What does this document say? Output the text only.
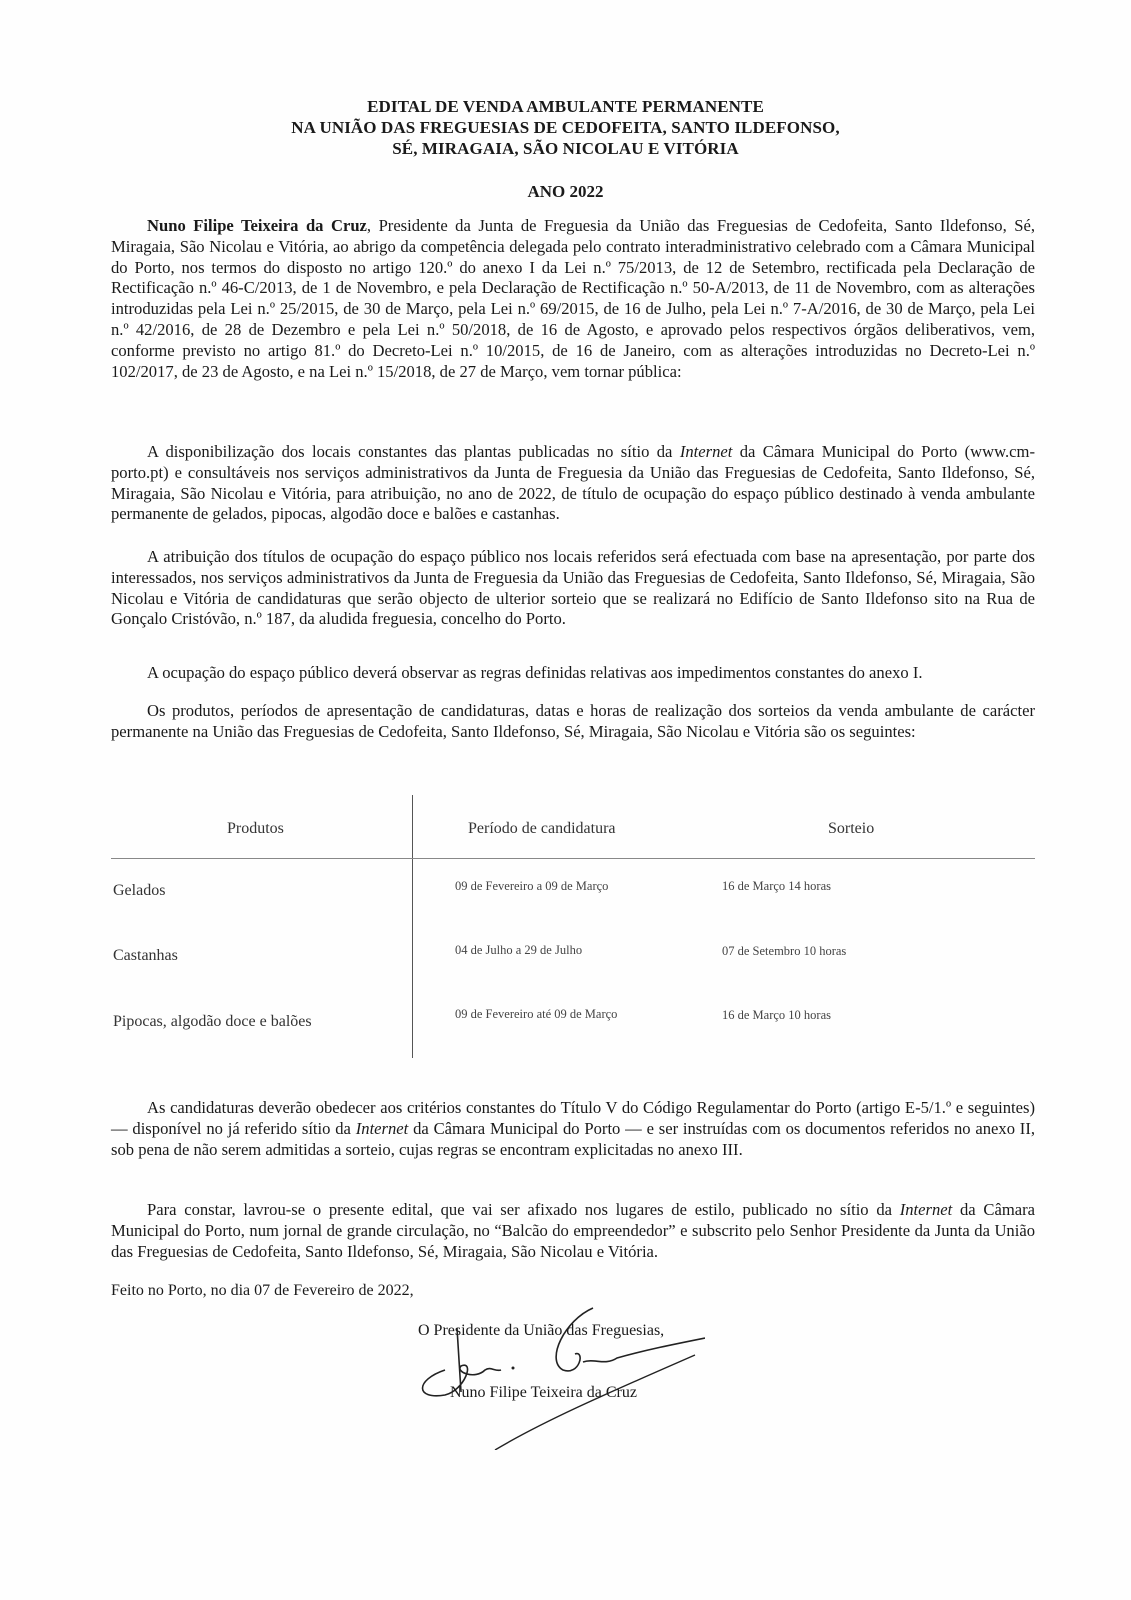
EDITAL DE VENDA AMBULANTE PERMANENTE
NA UNIÃO DAS FREGUESIAS DE CEDOFEITA, SANTO ILDEFONSO,
SÉ, MIRAGAIA, SÃO NICOLAU E VITÓRIA
ANO 2022
Nuno Filipe Teixeira da Cruz, Presidente da Junta de Freguesia da União das Freguesias de Cedofeita, Santo Ildefonso, Sé, Miragaia, São Nicolau e Vitória, ao abrigo da competência delegada pelo contrato interadministrativo celebrado com a Câmara Municipal do Porto, nos termos do disposto no artigo 120.º do anexo I da Lei n.º 75/2013, de 12 de Setembro, rectificada pela Declaração de Rectificação n.º 46-C/2013, de 1 de Novembro, e pela Declaração de Rectificação n.º 50-A/2013, de 11 de Novembro, com as alterações introduzidas pela Lei n.º 25/2015, de 30 de Março, pela Lei n.º 69/2015, de 16 de Julho, pela Lei n.º 7-A/2016, de 30 de Março, pela Lei n.º 42/2016, de 28 de Dezembro e pela Lei n.º 50/2018, de 16 de Agosto, e aprovado pelos respectivos órgãos deliberativos, vem, conforme previsto no artigo 81.º do Decreto-Lei n.º 10/2015, de 16 de Janeiro, com as alterações introduzidas no Decreto-Lei n.º 102/2017, de 23 de Agosto, e na Lei n.º 15/2018, de 27 de Março, vem tornar pública:
A disponibilização dos locais constantes das plantas publicadas no sítio da Internet da Câmara Municipal do Porto (www.cm-porto.pt) e consultáveis nos serviços administrativos da Junta de Freguesia da União das Freguesias de Cedofeita, Santo Ildefonso, Sé, Miragaia, São Nicolau e Vitória, para atribuição, no ano de 2022, de título de ocupação do espaço público destinado à venda ambulante permanente de gelados, pipocas, algodão doce e balões e castanhas.
A atribuição dos títulos de ocupação do espaço público nos locais referidos será efectuada com base na apresentação, por parte dos interessados, nos serviços administrativos da Junta de Freguesia da União das Freguesias de Cedofeita, Santo Ildefonso, Sé, Miragaia, São Nicolau e Vitória de candidaturas que serão objecto de ulterior sorteio que se realizará no Edifício de Santo Ildefonso sito na Rua de Gonçalo Cristóvão, n.º 187, da aludida freguesia, concelho do Porto.
A ocupação do espaço público deverá observar as regras definidas relativas aos impedimentos constantes do anexo I.
Os produtos, períodos de apresentação de candidaturas, datas e horas de realização dos sorteios da venda ambulante de carácter permanente na União das Freguesias de Cedofeita, Santo Ildefonso, Sé, Miragaia, São Nicolau e Vitória são os seguintes:
Produtos	Período de candidatura	Sorteio
Gelados	09 de Fevereiro a 09 de Março	16 de Março 14 horas
Castanhas	04 de Julho a 29 de Julho	07 de Setembro 10 horas
Pipocas, algodão doce e balões	09 de Fevereiro até 09 de Março	16 de Março 10 horas
As candidaturas deverão obedecer aos critérios constantes do Título V do Código Regulamentar do Porto (artigo E-5/1.º e seguintes) — disponível no já referido sítio da Internet da Câmara Municipal do Porto — e ser instruídas com os documentos referidos no anexo II, sob pena de não serem admitidas a sorteio, cujas regras se encontram explicitadas no anexo III.
Para constar, lavrou-se o presente edital, que vai ser afixado nos lugares de estilo, publicado no sítio da Internet da Câmara Municipal do Porto, num jornal de grande circulação, no “Balcão do empreendedor” e subscrito pelo Senhor Presidente da Junta da União das Freguesias de Cedofeita, Santo Ildefonso, Sé, Miragaia, São Nicolau e Vitória.
Feito no Porto, no dia 07 de Fevereiro de 2022,
O Presidente da União das Freguesias,
Nuno Filipe Teixeira da Cruz
